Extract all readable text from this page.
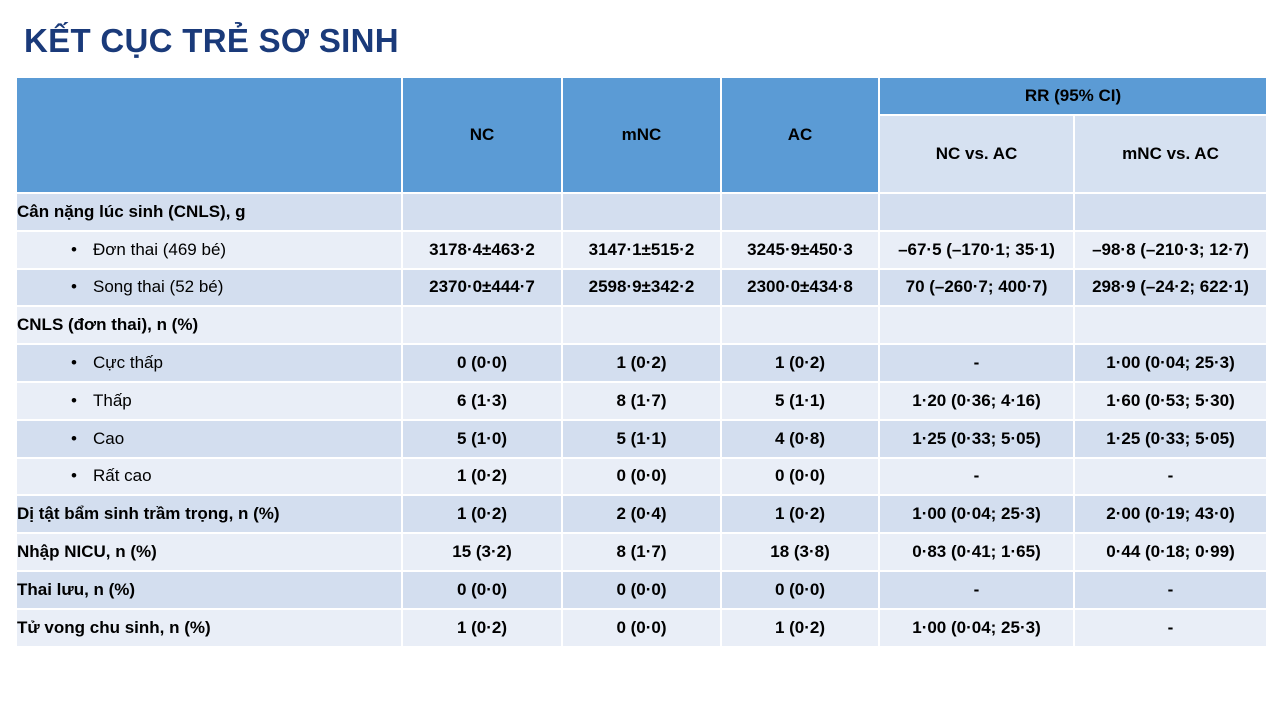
KẾT CỤC TRẺ SƠ SINH
	NC	mNC	AC	RR (95% CI)	
				NC vs. AC	mNC vs. AC
Cân nặng lúc sinh (CNLS), g					
• Đơn thai (469 bé)	3178·4±463·2	3147·1±515·2	3245·9±450·3	–67·5 (–170·1; 35·1)	–98·8 (–210·3; 12·7)
• Song thai (52 bé)	2370·0±444·7	2598·9±342·2	2300·0±434·8	70 (–260·7; 400·7)	298·9 (–24·2; 622·1)
CNLS (đơn thai), n (%)					
• Cực thấp	0 (0·0)	1 (0·2)	1 (0·2)	-	1·00 (0·04; 25·3)
• Thấp	6 (1·3)	8 (1·7)	5 (1·1)	1·20 (0·36; 4·16)	1·60 (0·53; 5·30)
• Cao	5 (1·0)	5 (1·1)	4 (0·8)	1·25 (0·33; 5·05)	1·25 (0·33; 5·05)
• Rất cao	1 (0·2)	0 (0·0)	0 (0·0)	-	-
Dị tật bẩm sinh trầm trọng, n (%)	1 (0·2)	2 (0·4)	1 (0·2)	1·00 (0·04; 25·3)	2·00 (0·19; 43·0)
Nhập NICU, n (%)	15 (3·2)	8 (1·7)	18 (3·8)	0·83 (0·41; 1·65)	0·44 (0·18; 0·99)
Thai lưu, n (%)	0 (0·0)	0 (0·0)	0 (0·0)	-	-
Tử vong chu sinh, n (%)	1 (0·2)	0 (0·0)	1 (0·2)	1·00 (0·04; 25·3)	-
